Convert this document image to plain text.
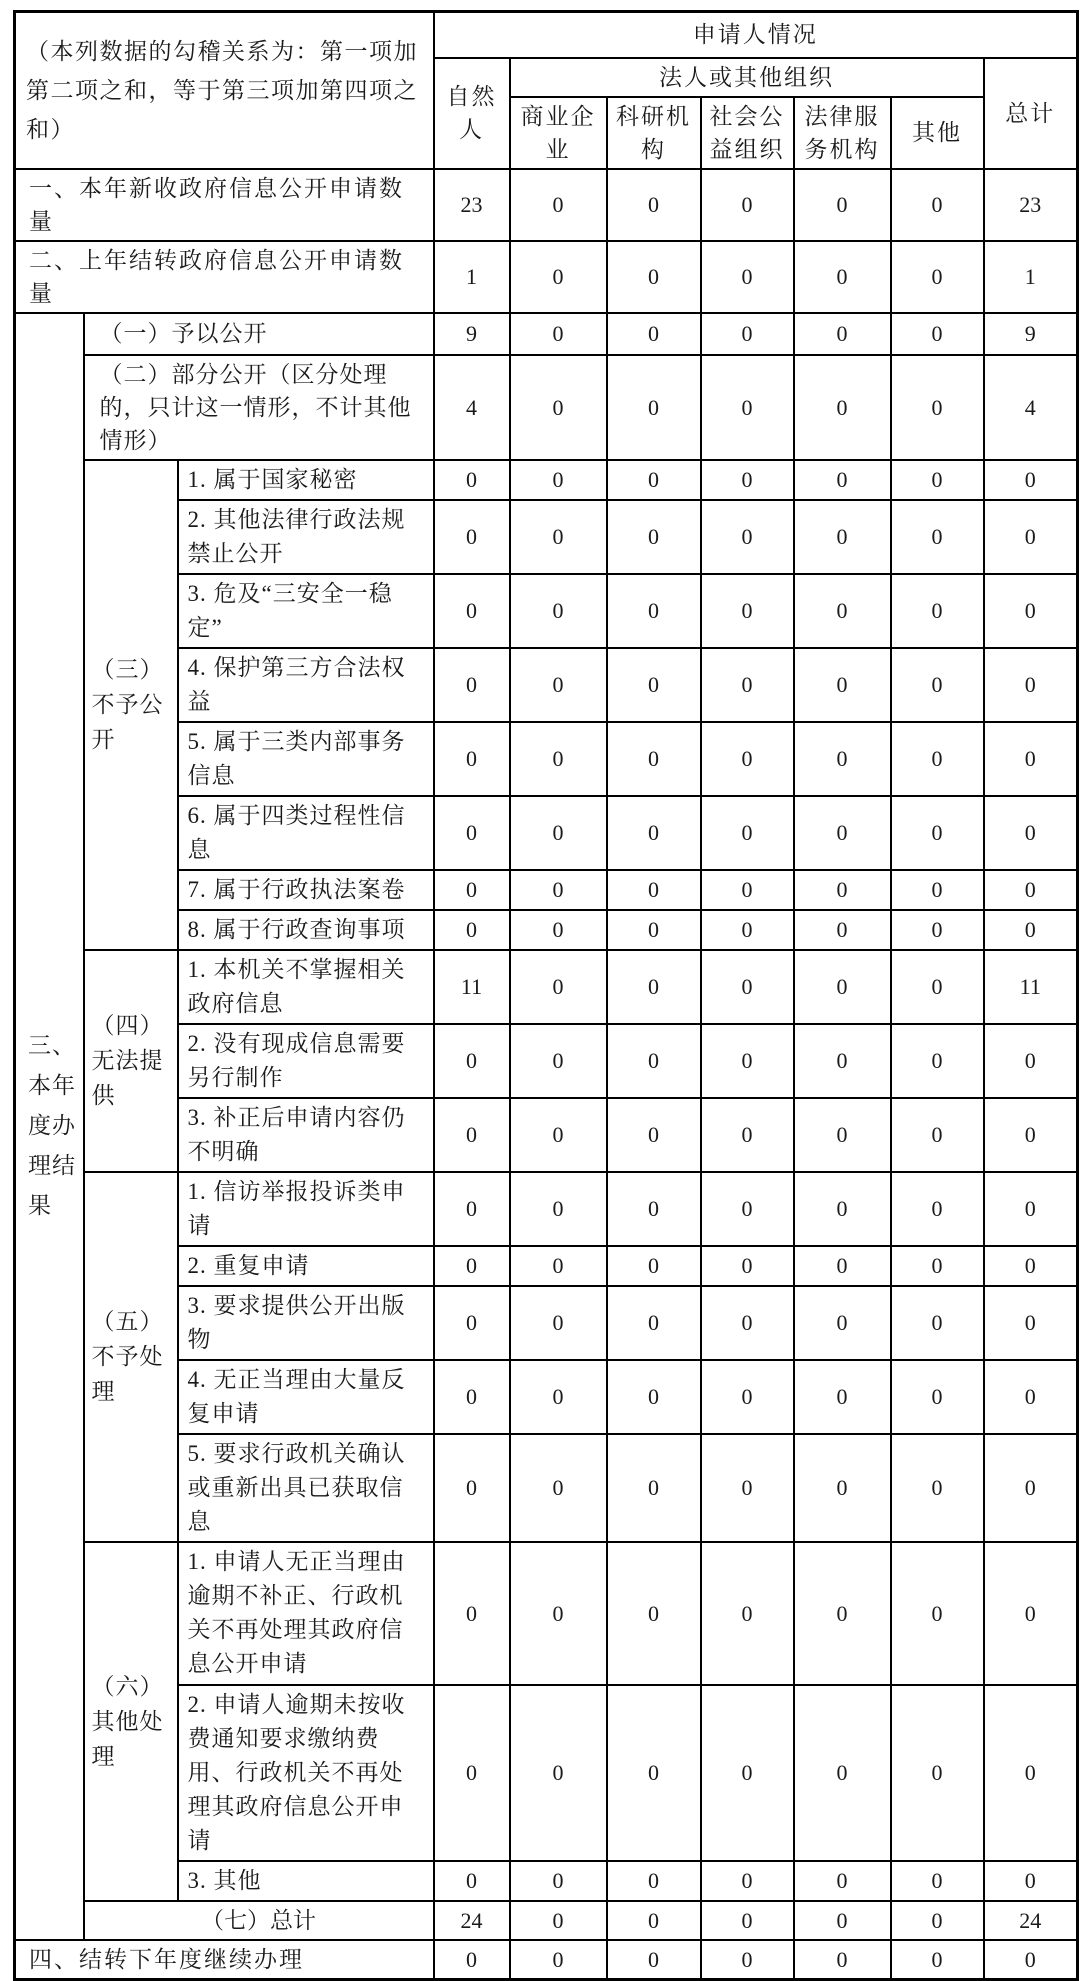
（本列数据的勾稽关系为：第一项加第二项之和，等于第三项加第四项之和）			申请人情况						
			自然人	法人或其他组织					总计
				商业企业	科研机构	社会公益组织	法律服务机构	其他	
一、本年新收政府信息公开申请数量			23	0	0	0	0	0	23
二、上年结转政府信息公开申请数量			1	0	0	0	0	0	1
三、本年度办理结果	（一）予以公开		9	0	0	0	0	0	9
	（二）部分公开（区分处理的，只计这一情形，不计其他情形）		4	0	0	0	0	0	4
	（三）不予公开	1. 属于国家秘密	0	0	0	0	0	0	0
		2. 其他法律行政法规禁止公开	0	0	0	0	0	0	0
		3. 危及“三安全一稳定”	0	0	0	0	0	0	0
		4. 保护第三方合法权益	0	0	0	0	0	0	0
		5. 属于三类内部事务信息	0	0	0	0	0	0	0
		6. 属于四类过程性信息	0	0	0	0	0	0	0
		7. 属于行政执法案卷	0	0	0	0	0	0	0
		8. 属于行政查询事项	0	0	0	0	0	0	0
	（四）无法提供	1. 本机关不掌握相关政府信息	11	0	0	0	0	0	11
		2. 没有现成信息需要另行制作	0	0	0	0	0	0	0
		3. 补正后申请内容仍不明确	0	0	0	0	0	0	0
	（五）不予处理	1. 信访举报投诉类申请	0	0	0	0	0	0	0
		2. 重复申请	0	0	0	0	0	0	0
		3. 要求提供公开出版物	0	0	0	0	0	0	0
		4. 无正当理由大量反复申请	0	0	0	0	0	0	0
		5. 要求行政机关确认或重新出具已获取信息	0	0	0	0	0	0	0
	（六）其他处理	1. 申请人无正当理由逾期不补正、行政机关不再处理其政府信息公开申请	0	0	0	0	0	0	0
		2. 申请人逾期未按收费通知要求缴纳费用、行政机关不再处理其政府信息公开申请	0	0	0	0	0	0	0
		3. 其他	0	0	0	0	0	0	0
	（七）总计		24	0	0	0	0	0	24
四、结转下年度继续办理			0	0	0	0	0	0	0
